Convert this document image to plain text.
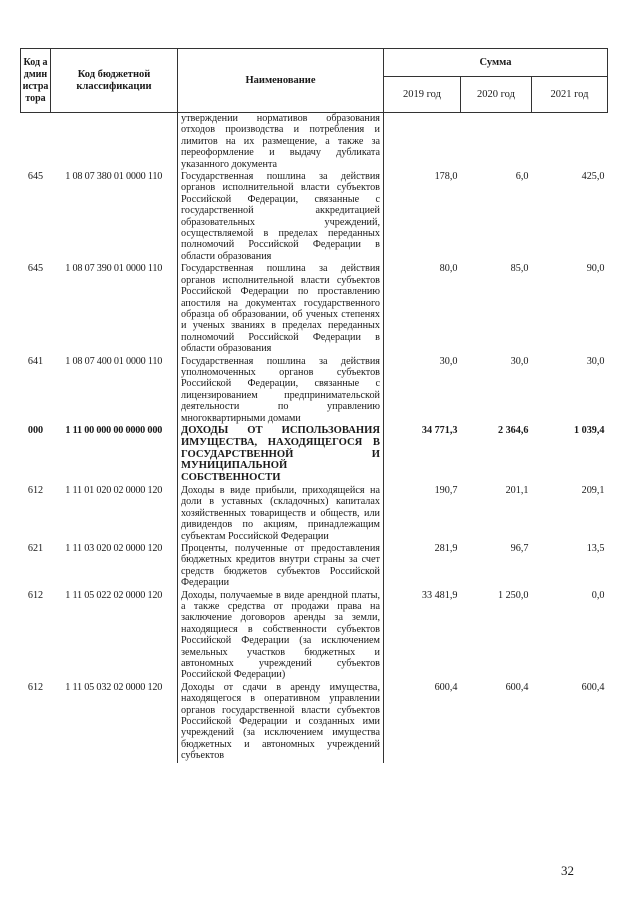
Код администратора	Код бюджетной классификации	Наименование	Сумма		
			2019 год	2020 год	2021 год
		утверждении нормативов образования отходов производства и потребления и лимитов на их размещение, а также за переоформление и выдачу дубликата указанного документа			
645	1 08 07 380 01 0000 110	Государственная пошлина за действия органов исполнительной власти субъектов Российской Федерации, связанные с государственной аккредитацией образовательных учреждений, осуществляемой в пределах переданных полномочий Российской Федерации в области образования	178,0	6,0	425,0
645	1 08 07 390 01 0000 110	Государственная пошлина за действия органов исполнительной власти субъектов Российской Федерации по проставлению апостиля на документах государственного образца об образовании, об ученых степенях и ученых званиях в пределах переданных полномочий Российской Федерации в области образования	80,0	85,0	90,0
641	1 08 07 400 01 0000 110	Государственная пошлина за действия уполномоченных органов субъектов Российской Федерации, связанные с лицензированием предпринимательской деятельности по управлению многоквартирными домами	30,0	30,0	30,0
000	1 11 00 000 00 0000 000	ДОХОДЫ ОТ ИСПОЛЬЗОВАНИЯ ИМУЩЕСТВА, НАХОДЯЩЕГОСЯ В ГОСУДАРСТВЕННОЙ И МУНИЦИПАЛЬНОЙ СОБСТВЕННОСТИ	34 771,3	2 364,6	1 039,4
612	1 11 01 020 02 0000 120	Доходы в виде прибыли, приходящейся на доли в уставных (складочных) капиталах хозяйственных товариществ и обществ, или дивидендов по акциям, принадлежащим субъектам Российской Федерации	190,7	201,1	209,1
621	1 11 03 020 02 0000 120	Проценты, полученные от предоставления бюджетных кредитов внутри страны за счет средств бюджетов субъектов Российской Федерации	281,9	96,7	13,5
612	1 11 05 022 02 0000 120	Доходы, получаемые в виде арендной платы, а также средства от продажи права на заключение договоров аренды за земли, находящиеся в собственности субъектов Российской Федерации (за исключением земельных участков бюджетных и автономных учреждений субъектов Российской Федерации)	33 481,9	1 250,0	0,0
612	1 11 05 032 02 0000 120	Доходы от сдачи в аренду имущества, находящегося в оперативном управлении органов государственной власти субъектов Российской Федерации и созданных ими учреждений (за исключением имущества бюджетных и автономных учреждений субъектов	600,4	600,4	600,4
32
